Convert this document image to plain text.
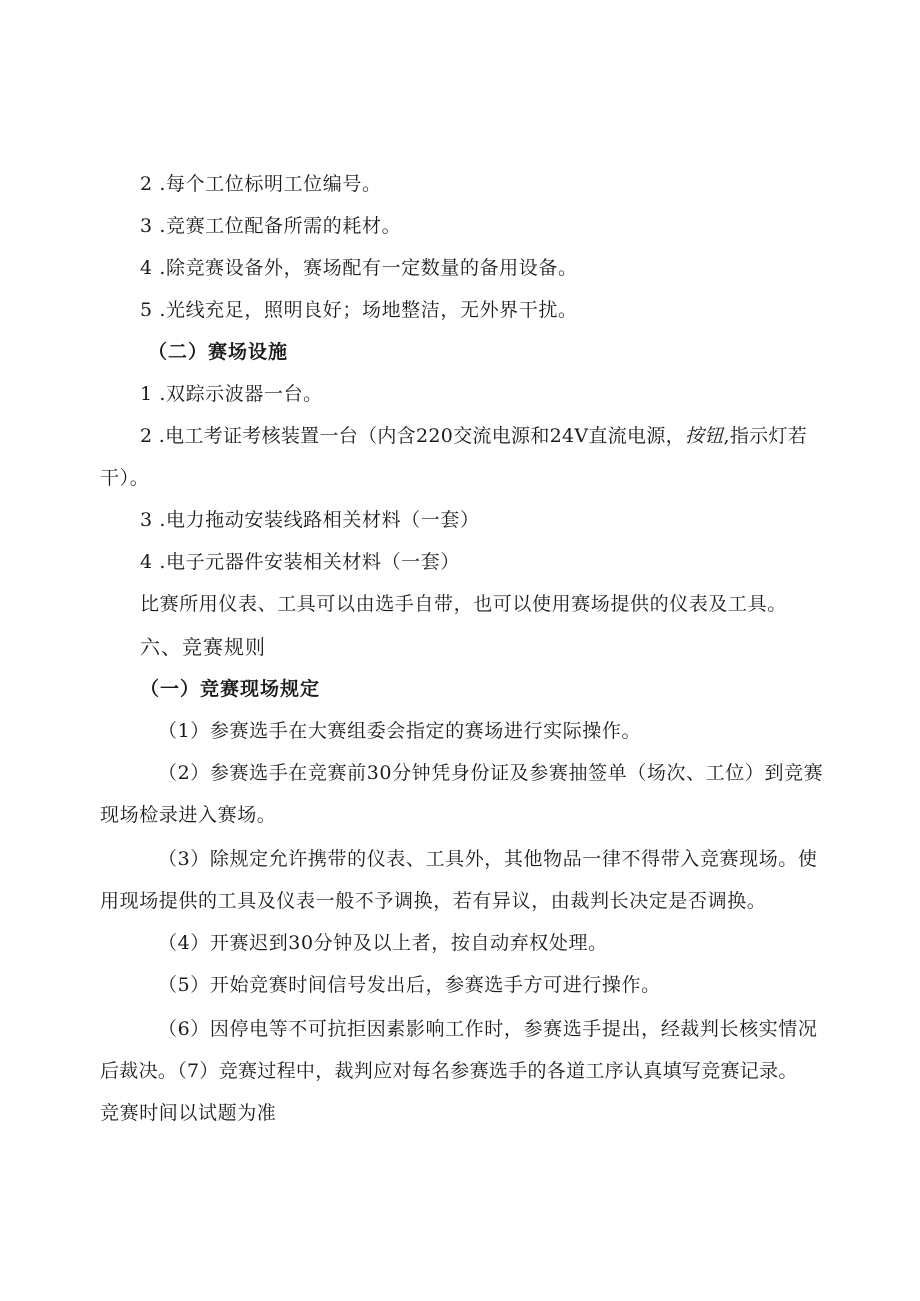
2 .每个工位标明工位编号。
3 .竞赛工位配备所需的耗材。
4 .除竞赛设备外，赛场配有一定数量的备用设备。
5 .光线充足，照明良好；场地整洁，无外界干扰。
（二）赛场设施
1 .双踪示波器一台。
2 .电工考证考核装置一台（内含220交流电源和24V直流电源，按钮,指示灯若
干）。
3 .电力拖动安装线路相关材料（一套）
4 .电子元器件安装相关材料（一套）
比赛所用仪表、工具可以由选手自带，也可以使用赛场提供的仪表及工具。
六、竞赛规则
（一）竞赛现场规定
（1）参赛选手在大赛组委会指定的赛场进行实际操作。
（2）参赛选手在竞赛前30分钟凭身份证及参赛抽签单（场次、工位）到竞赛
现场检录进入赛场。
（3）除规定允许携带的仪表、工具外，其他物品一律不得带入竞赛现场。使
用现场提供的工具及仪表一般不予调换，若有异议，由裁判长决定是否调换。
（4）开赛迟到30分钟及以上者，按自动弃权处理。
（5）开始竞赛时间信号发出后，参赛选手方可进行操作。
（6）因停电等不可抗拒因素影响工作时，参赛选手提出，经裁判长核实情况
后裁决。（7）竞赛过程中，裁判应对每名参赛选手的各道工序认真填写竞赛记录。
竞赛时间以试题为准
